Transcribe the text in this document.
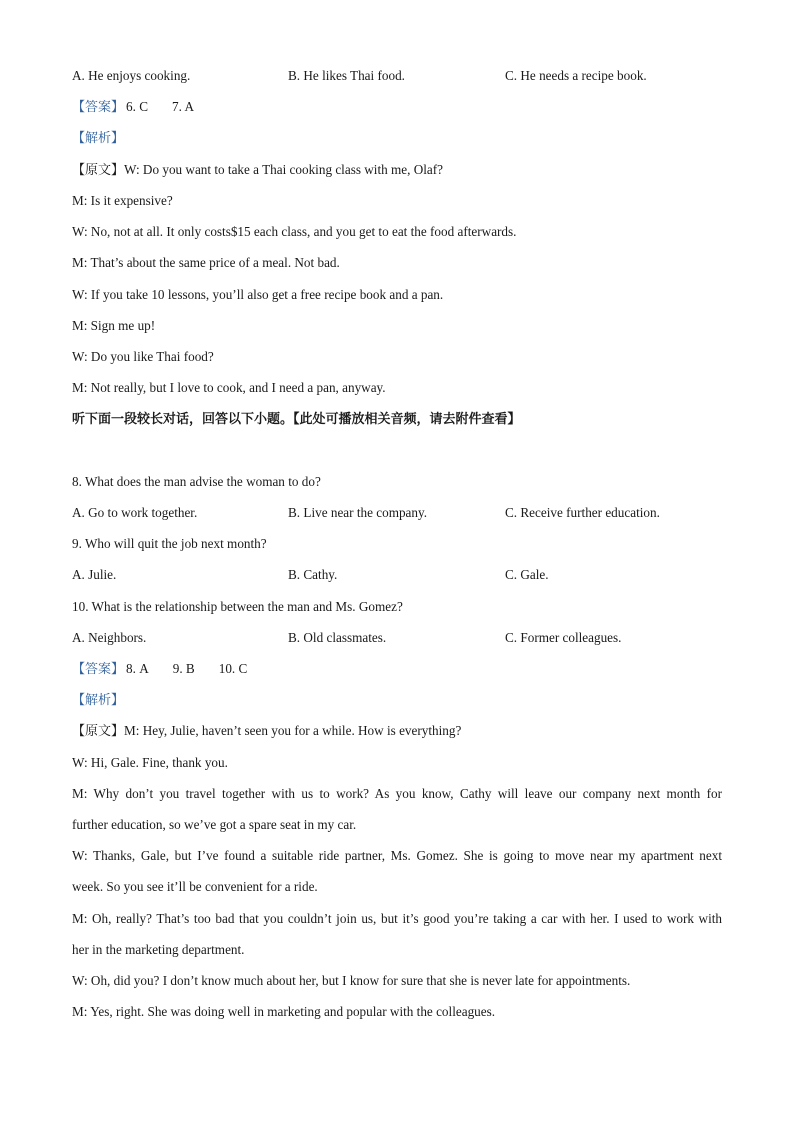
A. He enjoys cooking.	B. He likes Thai food.	C. He needs a recipe book.
【答案】 6. C 7. A
【解析】
【原文】W: Do you want to take a Thai cooking class with me, Olaf?
M: Is it expensive?
W: No, not at all. It only costs$15 each class, and you get to eat the food afterwards.
M: That’s about the same price of a meal. Not bad.
W: If you take 10 lessons, you’ll also get a free recipe book and a pan.
M: Sign me up!
W: Do you like Thai food?
M: Not really, but I love to cook, and I need a pan, anyway.
听下面一段较长对话，回答以下小题。【此处可播放相关音频，请去附件查看】
8. What does the man advise the woman to do?
A. Go to work together.	B. Live near the company.	C. Receive further education.
9. Who will quit the job next month?
A. Julie.	B. Cathy.	C. Gale.
10. What is the relationship between the man and Ms. Gomez?
A. Neighbors.	B. Old classmates.	C. Former colleagues.
【答案】 8. A 9. B 10. C
【解析】
【原文】M: Hey, Julie, haven’t seen you for a while. How is everything?
W: Hi, Gale. Fine, thank you.
M: Why don’t you travel together with us to work? As you know, Cathy will leave our company next month for
further education, so we’ve got a spare seat in my car.
W: Thanks, Gale, but I’ve found a suitable ride partner, Ms. Gomez. She is going to move near my apartment next
week. So you see it’ll be convenient for a ride.
M: Oh, really? That’s too bad that you couldn’t join us, but it’s good you’re taking a car with her. I used to work with
her in the marketing department.
W: Oh, did you? I don’t know much about her, but I know for sure that she is never late for appointments.
M: Yes, right. She was doing well in marketing and popular with the colleagues.
